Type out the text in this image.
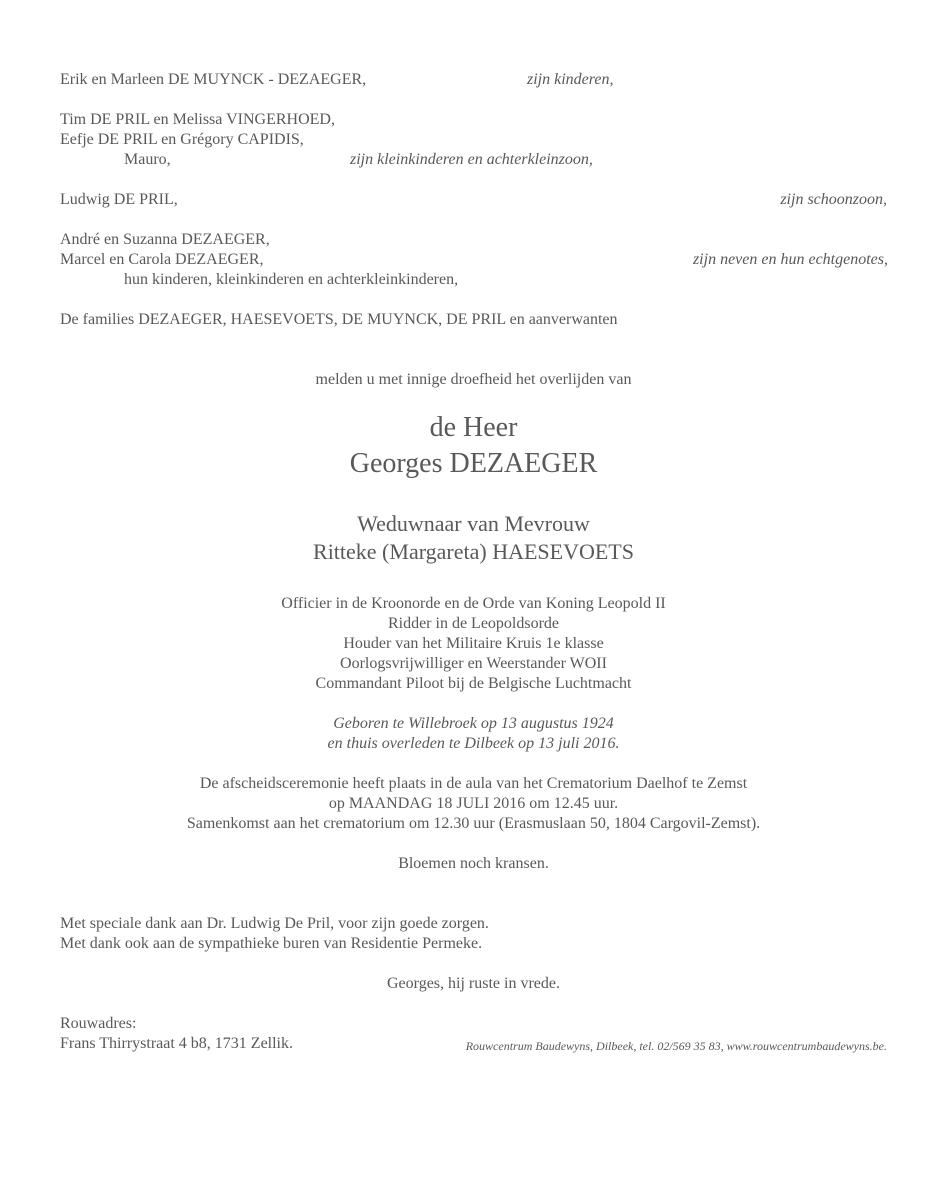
Erik en Marleen DE MUYNCK - DEZAEGER,	zijn kinderen,
Tim DE PRIL en Melissa VINGERHOED,
Eefje DE PRIL en Grégory CAPIDIS,
Mauro,	zijn kleinkinderen en achterkleinzoon,
Ludwig DE PRIL,	zijn schoonzoon,
André en Suzanna DEZAEGER,
Marcel en Carola DEZAEGER,	zijn neven en hun echtgenotes,
hun kinderen, kleinkinderen en achterkleinkinderen,
De families DEZAEGER, HAESEVOETS, DE MUYNCK, DE PRIL en aanverwanten
melden u met innige droefheid het overlijden van
de Heer
Georges DEZAEGER
Weduwnaar van Mevrouw
Ritteke (Margareta) HAESEVOETS
Officier in de Kroonorde en de Orde van Koning Leopold II
Ridder in de Leopoldsorde
Houder van het Militaire Kruis 1e klasse
Oorlogsvrijwilliger en Weerstander WOII
Commandant Piloot bij de Belgische Luchtmacht
Geboren te Willebroek op 13 augustus 1924
en thuis overleden te Dilbeek op 13 juli 2016.
De afscheidsceremonie heeft plaats in de aula van het Crematorium Daelhof te Zemst
op MAANDAG 18 JULI 2016 om 12.45 uur.
Samenkomst aan het crematorium om 12.30 uur (Erasmuslaan 50, 1804 Cargovil-Zemst).
Bloemen noch kransen.
Met speciale dank aan Dr. Ludwig De Pril, voor zijn goede zorgen.
Met dank ook aan de sympathieke buren van Residentie Permeke.
Georges, hij ruste in vrede.
Rouwadres:
Frans Thirrystraat 4 b8, 1731 Zellik.	Rouwcentrum Baudewyns, Dilbeek, tel. 02/569 35 83, www.rouwcentrumbaudewyns.be.
